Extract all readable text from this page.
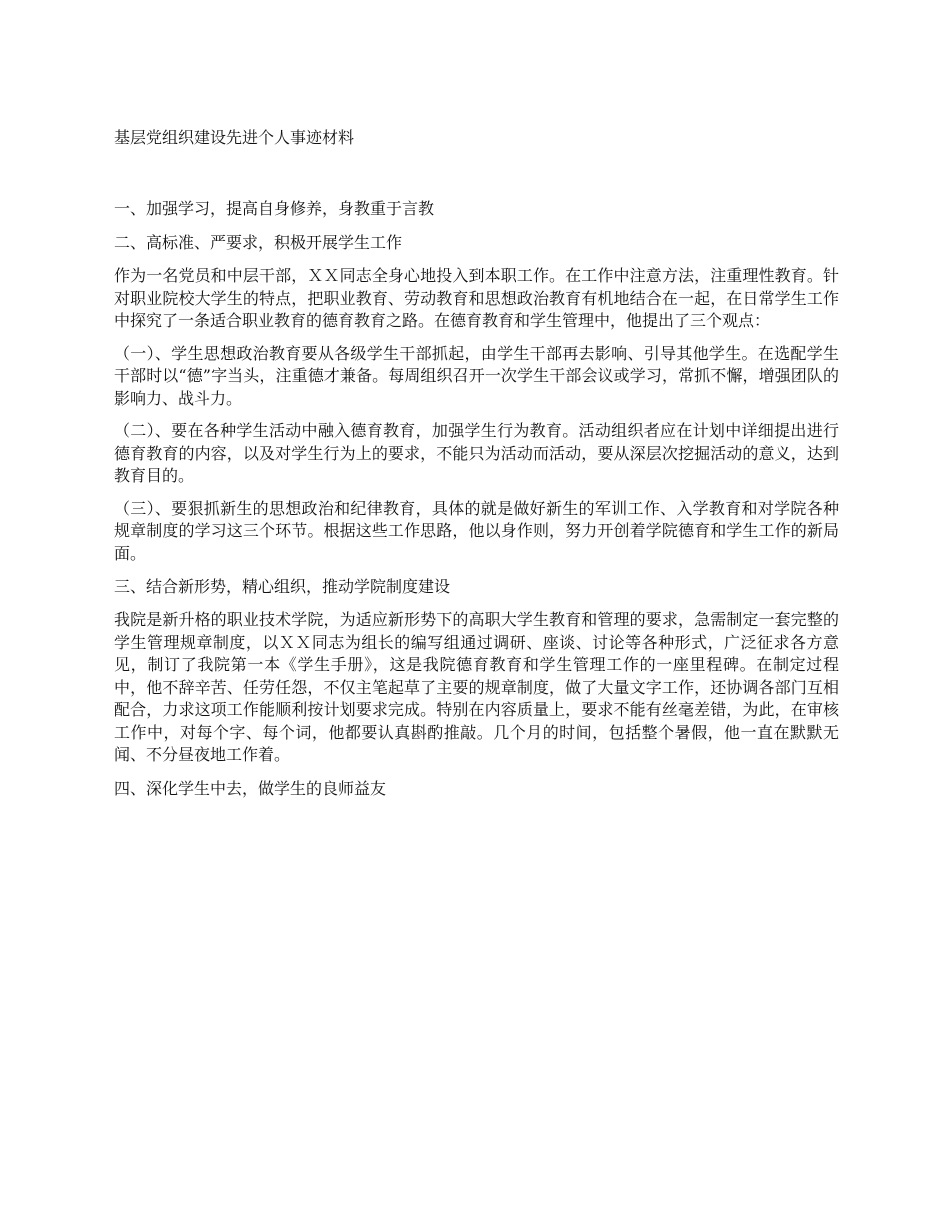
基层党组织建设先进个人事迹材料
一、加强学习，提高自身修养，身教重于言教
二、高标准、严要求，积极开展学生工作
作为一名党员和中层干部，ＸＸ同志全身心地投入到本职工作。在工作中注意方法，注重理性教育。针对职业院校大学生的特点，把职业教育、劳动教育和思想政治教育有机地结合在一起，在日常学生工作中探究了一条适合职业教育的德育教育之路。在德育教育和学生管理中，他提出了三个观点：
（一）、学生思想政治教育要从各级学生干部抓起，由学生干部再去影响、引导其他学生。在选配学生干部时以“德”字当头，注重德才兼备。每周组织召开一次学生干部会议或学习，常抓不懈，增强团队的影响力、战斗力。
（二）、要在各种学生活动中融入德育教育，加强学生行为教育。活动组织者应在计划中详细提出进行德育教育的内容，以及对学生行为上的要求，不能只为活动而活动，要从深层次挖掘活动的意义，达到教育目的。
（三）、要狠抓新生的思想政治和纪律教育，具体的就是做好新生的军训工作、入学教育和对学院各种规章制度的学习这三个环节。根据这些工作思路，他以身作则，努力开创着学院德育和学生工作的新局面。
三、结合新形势，精心组织，推动学院制度建设
我院是新升格的职业技术学院，为适应新形势下的高职大学生教育和管理的要求，急需制定一套完整的学生管理规章制度，以ＸＸ同志为组长的编写组通过调研、座谈、讨论等各种形式，广泛征求各方意见，制订了我院第一本《学生手册》，这是我院德育教育和学生管理工作的一座里程碑。在制定过程中，他不辞辛苦、任劳任怨，不仅主笔起草了主要的规章制度，做了大量文字工作，还协调各部门互相配合，力求这项工作能顺利按计划要求完成。特别在内容质量上，要求不能有丝毫差错，为此，在审核工作中，对每个字、每个词，他都要认真斟酌推敲。几个月的时间，包括整个暑假，他一直在默默无闻、不分昼夜地工作着。
四、深化学生中去，做学生的良师益友
